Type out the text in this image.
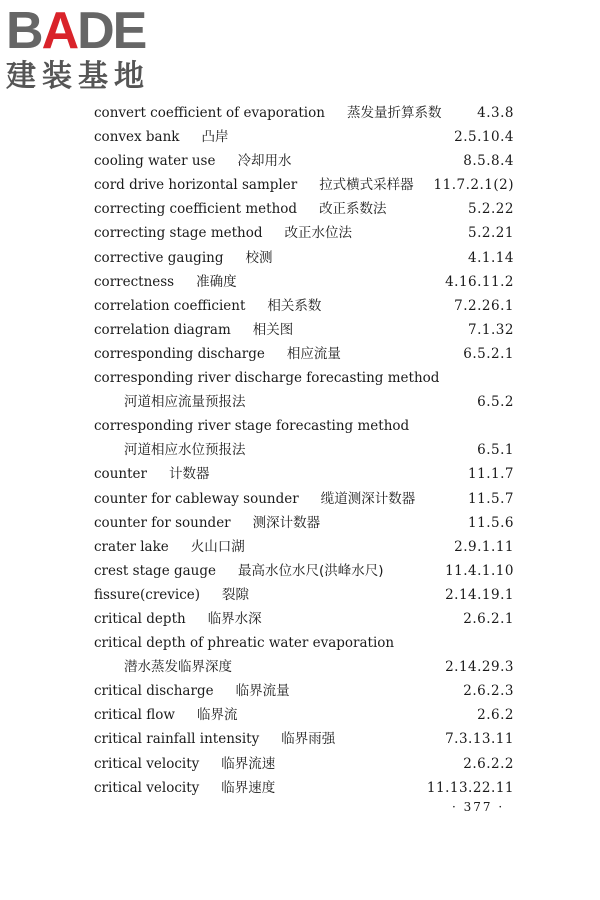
BADE
建装基地
convert coefficient of evaporation 蒸发量折算系数	4.3.8
convex bank 凸岸	2.5.10.4
cooling water use 冷却用水	8.5.8.4
cord drive horizontal sampler 拉式横式采样器 11.7.2.1(2)
correcting coefficient method 改正系数法	5.2.22
correcting stage method 改正水位法	5.2.21
corrective gauging 校测	4.1.14
correctness 准确度	4.16.11.2
correlation coefficient 相关系数	7.2.26.1
correlation diagram 相关图	7.1.32
corresponding discharge 相应流量	6.5.2.1
corresponding river discharge forecasting method
河道相应流量预报法	6.5.2
corresponding river stage forecasting method
河道相应水位预报法	6.5.1
counter 计数器	11.1.7
counter for cableway sounder 缆道测深计数器	11.5.7
counter for sounder 测深计数器	11.5.6
crater lake 火山口湖	2.9.1.11
crest stage gauge 最高水位水尺(洪峰水尺)	11.4.1.10
fissure(crevice) 裂隙	2.14.19.1
critical depth 临界水深	2.6.2.1
critical depth of phreatic water evaporation
潜水蒸发临界深度	2.14.29.3
critical discharge 临界流量	2.6.2.3
critical flow 临界流	2.6.2
critical rainfall intensity 临界雨强	7.3.13.11
critical velocity 临界流速	2.6.2.2
critical velocity 临界速度	11.13.22.11
· 377 ·
